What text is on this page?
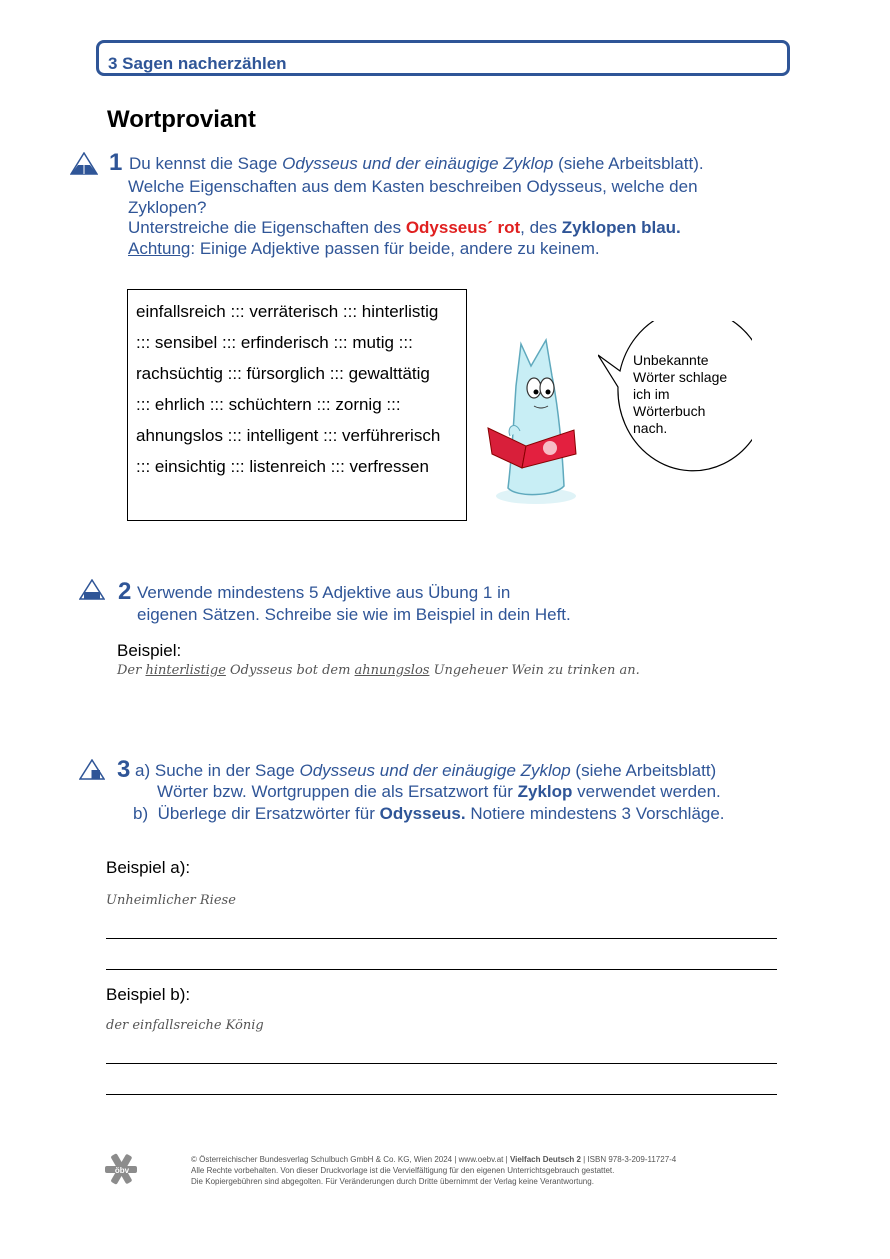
3 Sagen nacherzählen
Wortproviant
1 Du kennst die Sage Odysseus und der einäugige Zyklop (siehe Arbeitsblatt).
Welche Eigenschaften aus dem Kasten beschreiben Odysseus, welche den
Zyklopen?
Unterstreiche die Eigenschaften des Odysseus´ rot, des Zyklopen blau.
Achtung: Einige Adjektive passen für beide, andere zu keinem.
einfallsreich ::: verräterisch ::: hinterlistig
::: sensibel ::: erfinderisch ::: mutig :::
rachsüchtig ::: fürsorglich ::: gewalttätig
::: ehrlich ::: schüchtern ::: zornig :::
ahnungslos ::: intelligent ::: verführerisch
::: einsichtig ::: listenreich ::: verfressen
Unbekannte Wörter schlage ich im Wörterbuch nach.
2 Verwende mindestens 5 Adjektive aus Übung 1 in
eigenen Sätzen. Schreibe sie wie im Beispiel in dein Heft.
Beispiel:
Der hinterlistige Odysseus bot dem ahnungslos Ungeheuer Wein zu trinken an.
3 a) Suche in der Sage Odysseus und der einäugige Zyklop (siehe Arbeitsblatt)
Wörter bzw. Wortgruppen die als Ersatzwort für Zyklop verwendet werden.
b) Überlege dir Ersatzwörter für Odysseus. Notiere mindestens 3 Vorschläge.
Beispiel a):
Unheimlicher Riese
Beispiel b):
der einfallsreiche König
öbv
© Österreichischer Bundesverlag Schulbuch GmbH & Co. KG, Wien 2024 | www.oebv.at | Vielfach Deutsch 2 | ISBN 978-3-209-11727-4
Alle Rechte vorbehalten. Von dieser Druckvorlage ist die Vervielfältigung für den eigenen Unterrichtsgebrauch gestattet.
Die Kopiergebühren sind abgegolten. Für Veränderungen durch Dritte übernimmt der Verlag keine Verantwortung.
